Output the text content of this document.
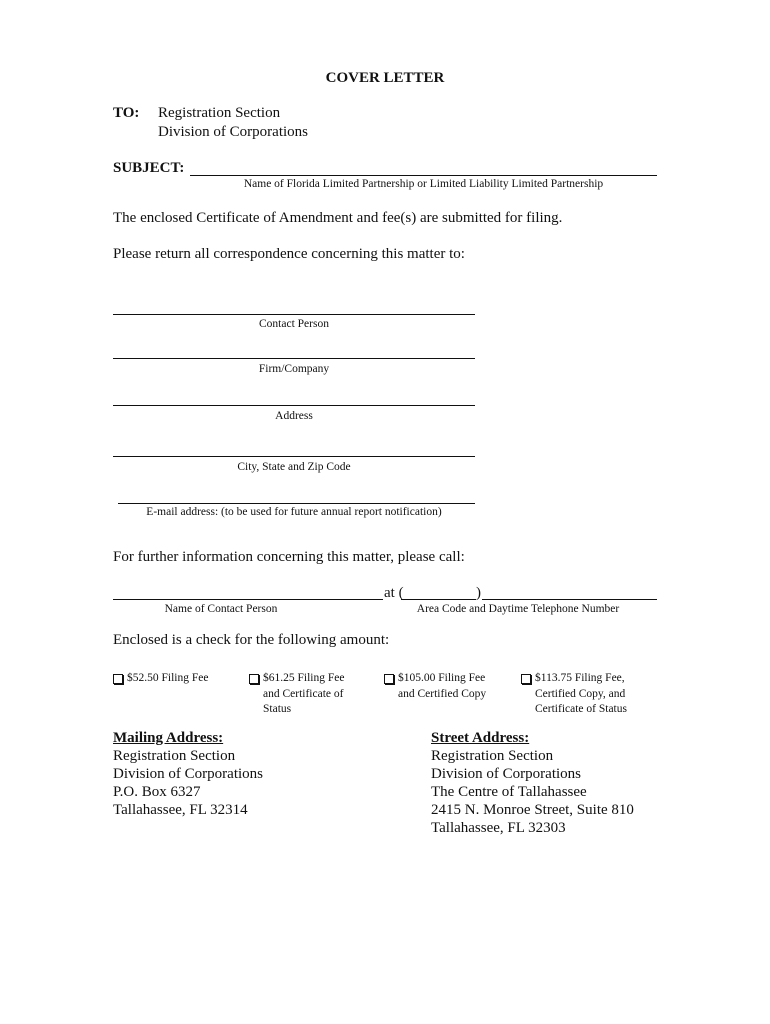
COVER LETTER
TO: Registration Section
Division of Corporations
SUBJECT:
Name of Florida Limited Partnership or Limited Liability Limited Partnership
The enclosed Certificate of Amendment and fee(s) are submitted for filing.
Please return all correspondence concerning this matter to:
Contact Person
Firm/Company
Address
City, State and Zip Code
E-mail address: (to be used for future annual report notification)
For further information concerning this matter, please call:
at (	)
Name of Contact Person	Area Code and Daytime Telephone Number
Enclosed is a check for the following amount:
$52.50 Filing Fee	$61.25 Filing Fee
and Certificate of
Status
$105.00 Filing Fee
and Certified Copy
$113.75 Filing Fee,
Certified Copy, and
Certificate of Status
Mailing Address:
Registration Section
Division of Corporations
P.O. Box 6327
Tallahassee, FL 32314
Street Address:
Registration Section
Division of Corporations
The Centre of Tallahassee
2415 N. Monroe Street, Suite 810
Tallahassee, FL 32303
